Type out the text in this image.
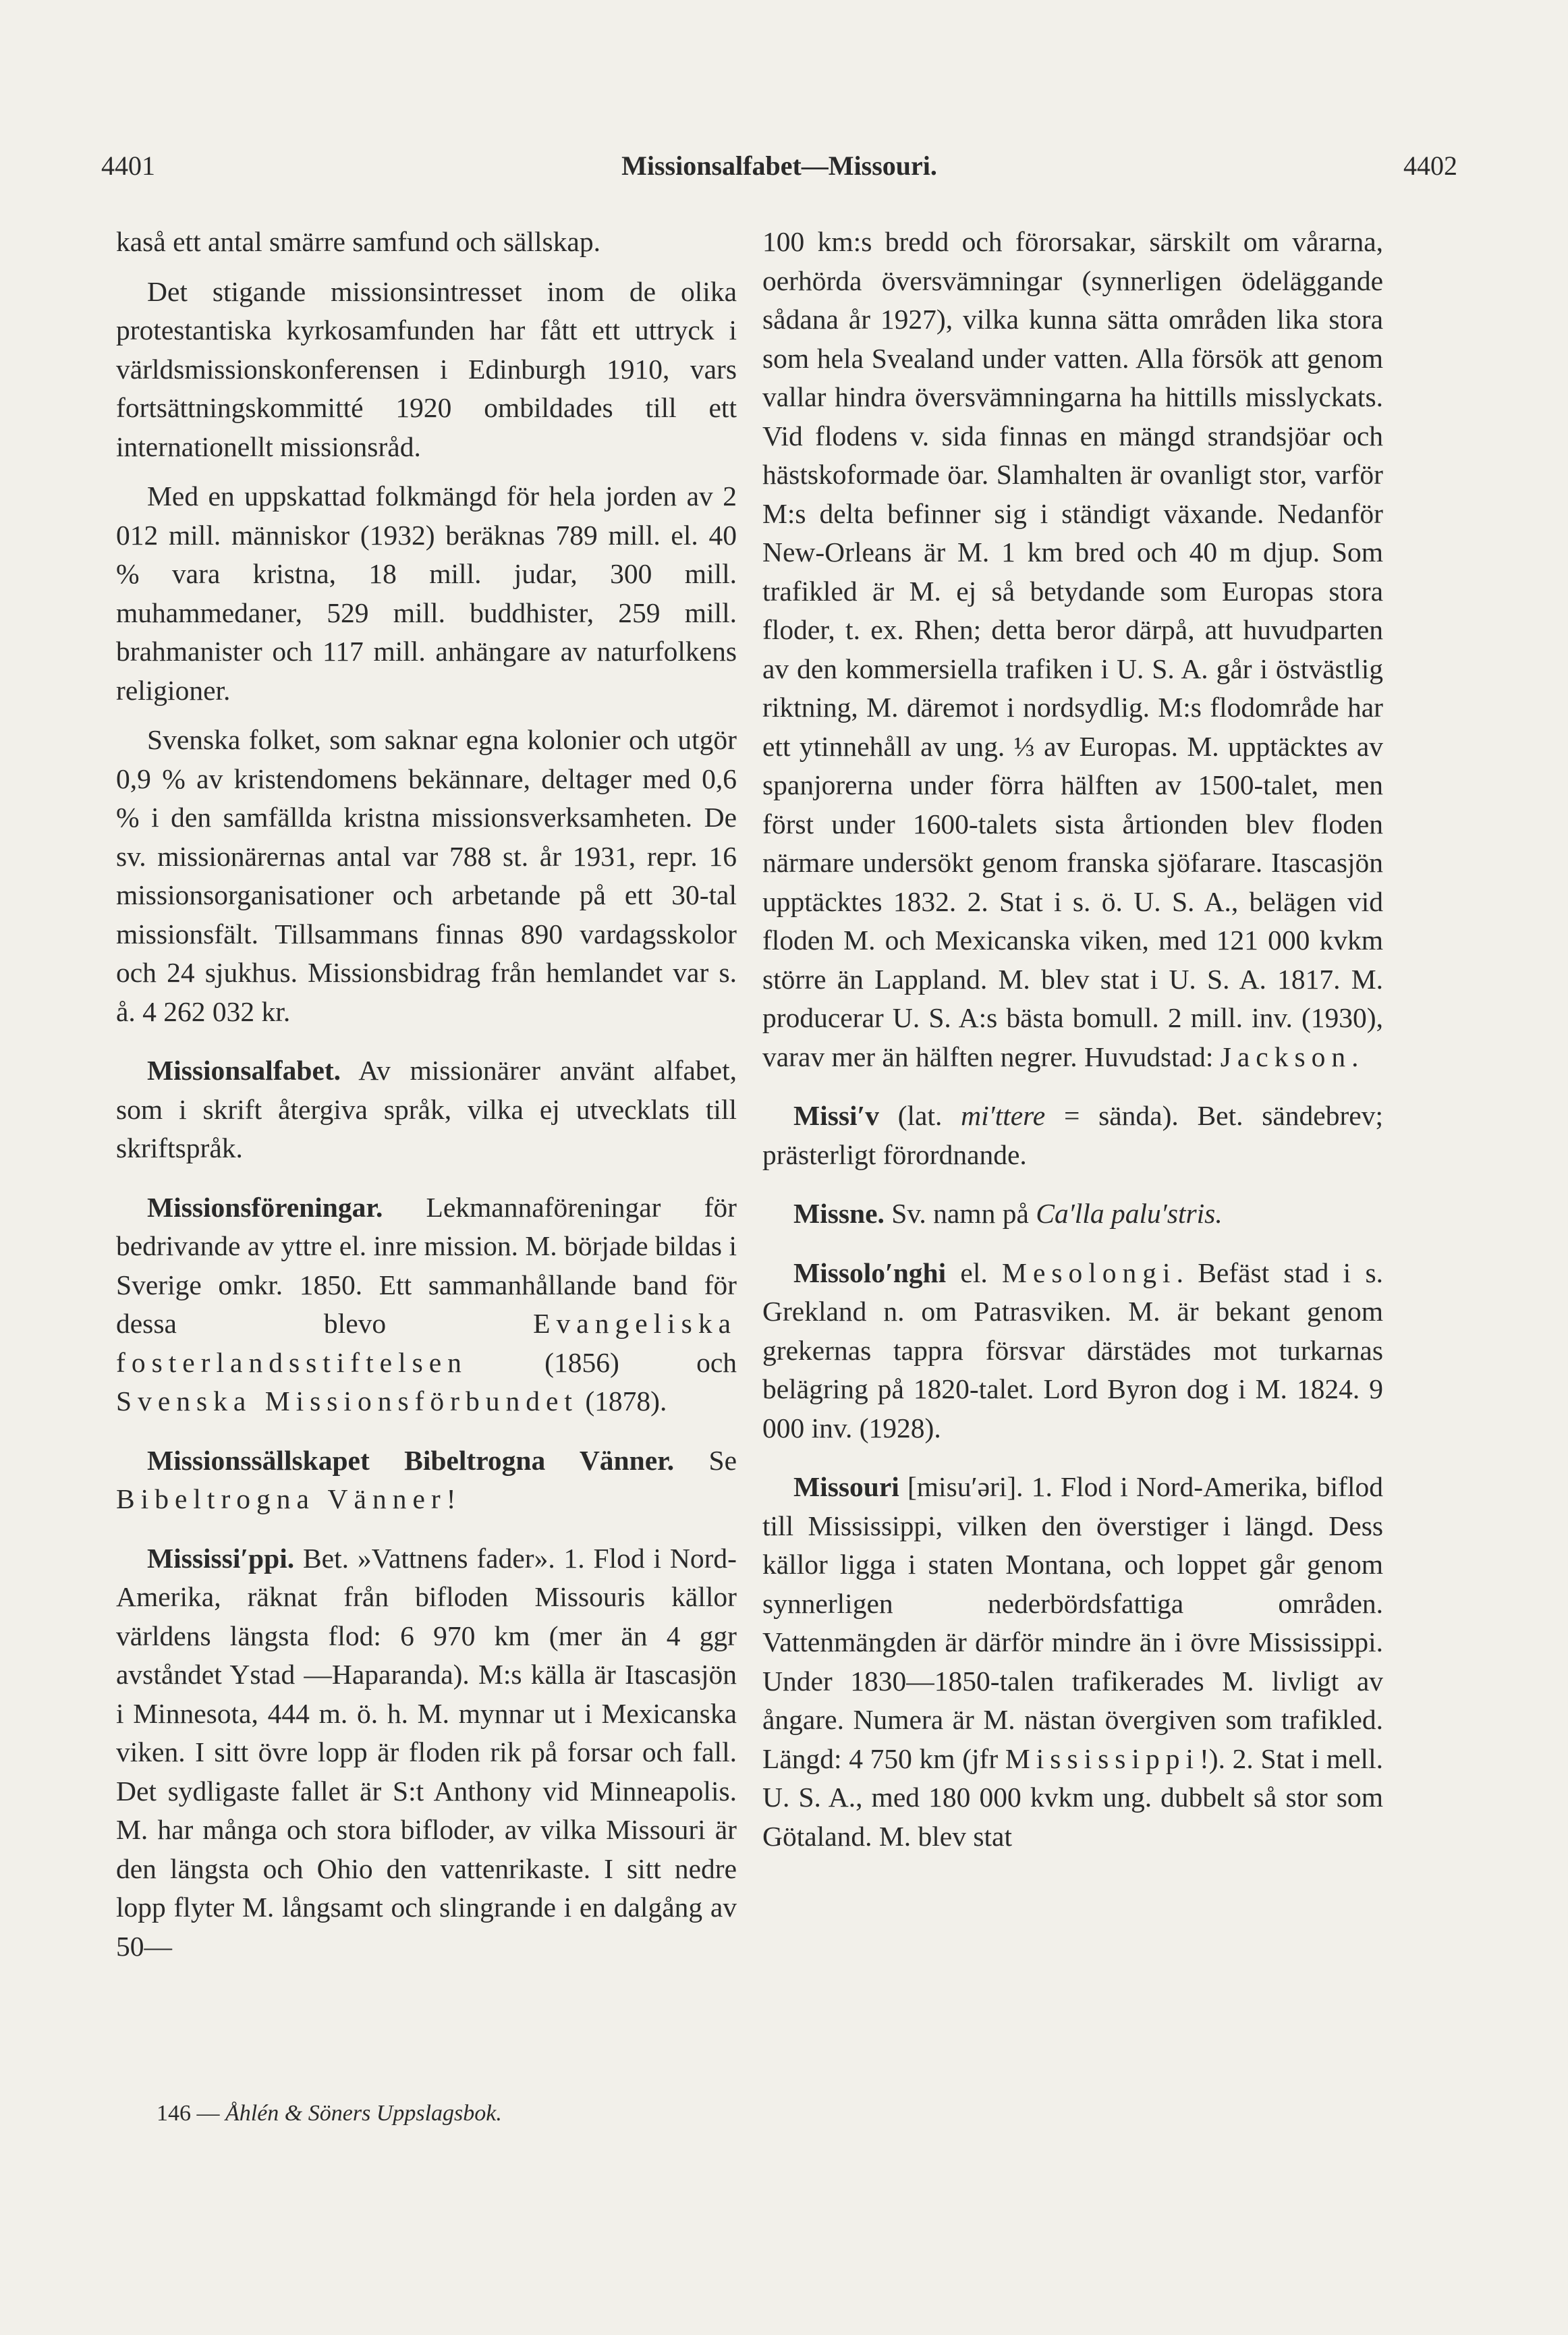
4401	Missionsalfabet—Missouri.	4402

kaså ett antal smärre samfund och sällskap.

Det stigande missionsintresset inom de olika protestantiska kyrkosamfunden har fått ett uttryck i världsmissionskonferensen i Edinburgh 1910, vars fortsättningskommitté 1920 ombildades till ett internationellt missionsråd.

Med en uppskattad folkmängd för hela jorden av 2 012 mill. människor (1932) beräknas 789 mill. el. 40 % vara kristna, 18 mill. judar, 300 mill. muhammedaner, 529 mill. buddhister, 259 mill. brahmanister och 117 mill. anhängare av naturfolkens religioner.

Svenska folket, som saknar egna kolonier och utgör 0,9 % av kristendomens bekännare, deltager med 0,6 % i den samfällda kristna missionsverksamheten. De sv. missionärernas antal var 788 st. år 1931, repr. 16 missionsorganisationer och arbetande på ett 30-tal missionsfält. Tillsammans finnas 890 vardagsskolor och 24 sjukhus. Missionsbidrag från hemlandet var s. å. 4 262 032 kr.

Missionsalfabet. Av missionärer använt alfabet, som i skrift återgiva språk, vilka ej utvecklats till skriftspråk.

Missionsföreningar. Lekmannaföreningar för bedrivande av yttre el. inre mission. M. började bildas i Sverige omkr. 1850. Ett sammanhållande band för dessa blevo Evangeliska fosterlandsstiftelsen (1856) och Svenska Missionsförbundet (1878).

Missionssällskapet Bibeltrogna Vänner. Se Bibeltrogna Vänner!

Mississi′ppi. Bet. »Vattnens fader». 1. Flod i Nord-Amerika, räknat från bifloden Missouris källor världens längsta flod: 6 970 km (mer än 4 ggr avståndet Ystad —Haparanda). M:s källa är Itascasjön i Minnesota, 444 m. ö. h. M. mynnar ut i Mexicanska viken. I sitt övre lopp är floden rik på forsar och fall. Det sydligaste fallet är S:t Anthony vid Minneapolis. M. har många och stora bifloder, av vilka Missouri är den längsta och Ohio den vattenrikaste. I sitt nedre lopp flyter M. långsamt och slingrande i en dalgång av 50—

100 km:s bredd och förorsakar, särskilt om vårarna, oerhörda översvämningar (synnerligen ödeläggande sådana år 1927), vilka kunna sätta områden lika stora som hela Svealand under vatten. Alla försök att genom vallar hindra översvämningarna ha hittills misslyckats. Vid flodens v. sida finnas en mängd strandsjöar och hästskoformade öar. Slamhalten är ovanligt stor, varför M:s delta befinner sig i ständigt växande. Nedanför New-Orleans är M. 1 km bred och 40 m djup. Som trafikled är M. ej så betydande som Europas stora floder, t. ex. Rhen; detta beror därpå, att huvudparten av den kommersiella trafiken i U. S. A. går i östvästlig riktning, M. däremot i nordsydlig. M:s flodområde har ett ytinnehåll av ung. ⅓ av Europas. M. upptäcktes av spanjorerna under förra hälften av 1500-talet, men först under 1600-talets sista årtionden blev floden närmare undersökt genom franska sjöfarare. Itascasjön upptäcktes 1832. 2. Stat i s. ö. U. S. A., belägen vid floden M. och Mexicanska viken, med 121 000 kvkm större än Lappland. M. blev stat i U. S. A. 1817. M. producerar U. S. A:s bästa bomull. 2 mill. inv. (1930), varav mer än hälften negrer. Huvudstad: Jackson.

Missi′v (lat. mi′ttere = sända). Bet. sändebrev; prästerligt förordnande.

Missne. Sv. namn på Ca′lla palu′stris.

Missolo′nghi el. Mesolongi. Befäst stad i s. Grekland n. om Patrasviken. M. är bekant genom grekernas tappra försvar därstädes mot turkarnas belägring på 1820-talet. Lord Byron dog i M. 1824. 9 000 inv. (1928).

Missouri [misu′əri]. 1. Flod i Nord-Amerika, biflod till Mississippi, vilken den överstiger i längd. Dess källor ligga i staten Montana, och loppet går genom synnerligen nederbördsfattiga områden. Vattenmängden är därför mindre än i övre Mississippi. Under 1830—1850-talen trafikerades M. livligt av ångare. Numera är M. nästan övergiven som trafikled. Längd: 4 750 km (jfr Mississippi!). 2. Stat i mell. U. S. A., med 180 000 kvkm ung. dubbelt så stor som Götaland. M. blev stat

146 — Åhlén & Söners Uppslagsbok.
